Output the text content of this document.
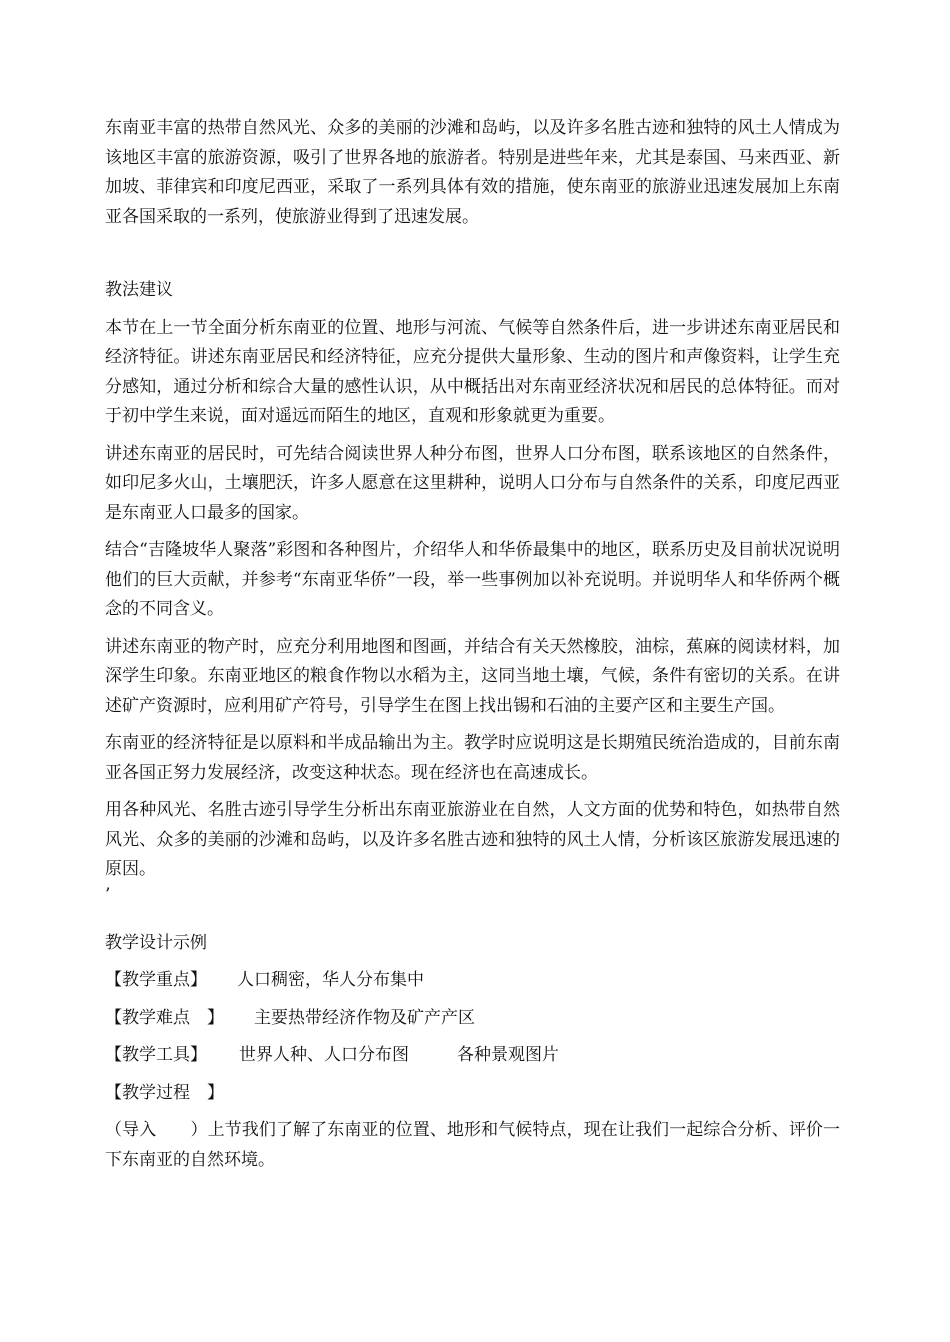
东南亚丰富的热带自然风光、众多的美丽的沙滩和岛屿，以及许多名胜古迹和独特的风土人情成为该地区丰富的旅游资源，吸引了世界各地的旅游者。特别是进些年来，尤其是泰国、马来西亚、新加坡、菲律宾和印度尼西亚，采取了一系列具体有效的措施，使东南亚的旅游业迅速发展加上东南亚各国采取的一系列，使旅游业得到了迅速发展。

教法建议

本节在上一节全面分析东南亚的位置、地形与河流、气候等自然条件后，进一步讲述东南亚居民和经济特征。讲述东南亚居民和经济特征，应充分提供大量形象、生动的图片和声像资料，让学生充分感知，通过分析和综合大量的感性认识，从中概括出对东南亚经济状况和居民的总体特征。而对于初中学生来说，面对遥远而陌生的地区，直观和形象就更为重要。

讲述东南亚的居民时，可先结合阅读世界人种分布图，世界人口分布图，联系该地区的自然条件，如印尼多火山，土壤肥沃，许多人愿意在这里耕种，说明人口分布与自然条件的关系，印度尼西亚是东南亚人口最多的国家。

结合“吉隆坡华人聚落”彩图和各种图片，介绍华人和华侨最集中的地区，联系历史及目前状况说明他们的巨大贡献，并参考“东南亚华侨”一段，举一些事例加以补充说明。并说明华人和华侨两个概念的不同含义。

讲述东南亚的物产时，应充分利用地图和图画，并结合有关天然橡胶，油棕，蕉麻的阅读材料，加深学生印象。东南亚地区的粮食作物以水稻为主，这同当地土壤，气候，条件有密切的关系。在讲述矿产资源时，应利用矿产符号，引导学生在图上找出锡和石油的主要产区和主要生产国。

东南亚的经济特征是以原料和半成品输出为主。教学时应说明这是长期殖民统治造成的，目前东南亚各国正努力发展经济，改变这种状态。现在经济也在高速成长。

用各种风光、名胜古迹引导学生分析出东南亚旅游业在自然，人文方面的优势和特色，如热带自然风光、众多的美丽的沙滩和岛屿，以及许多名胜古迹和独特的风土人情，分析该区旅游发展迅速的原因。

’

教学设计示例

【教学重点】 人口稠密，华人分布集中

【教学难点　】 主要热带经济作物及矿产产区

【教学工具】 世界人种、人口分布图	各种景观图片

【教学过程　】

（导入　　）上节我们了解了东南亚的位置、地形和气候特点，现在让我们一起综合分析、评价一下东南亚的自然环境。
